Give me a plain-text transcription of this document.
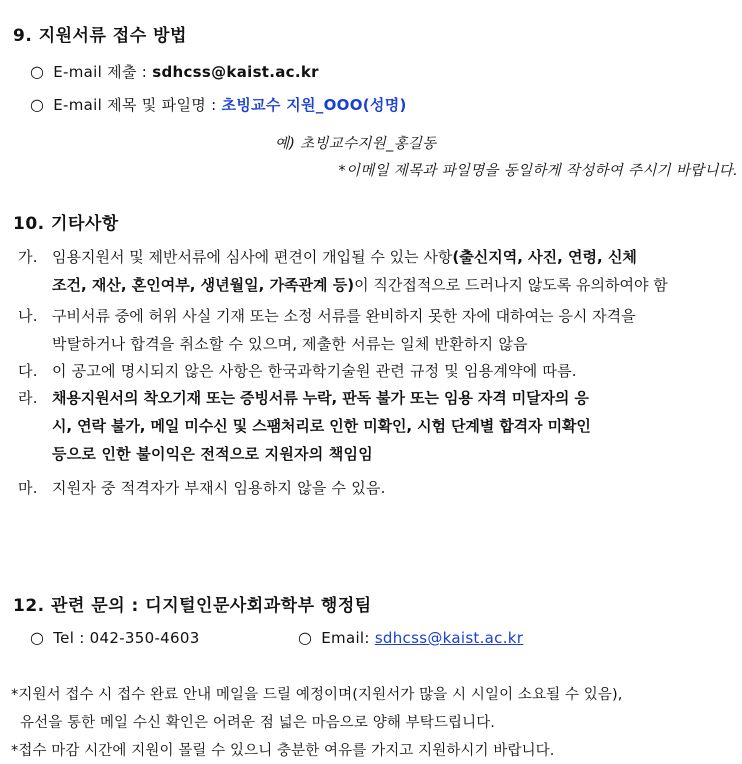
9. 지원서류 접수 방법
○ E-mail 제출 : sdhcss@kaist.ac.kr
○ E-mail 제목 및 파일명 : 초빙교수 지원_OOO(성명)
예) 초빙교수지원_홍길동
*이메일 제목과 파일명을 동일하게 작성하여 주시기 바랍니다.
10. 기타사항
가. 임용지원서 및 제반서류에 심사에 편견이 개입될 수 있는 사항(출신지역, 사진, 연령, 신체
조건, 재산, 혼인여부, 생년월일, 가족관계 등)이 직간접적으로 드러나지 않도록 유의하여야 함
나. 구비서류 중에 허위 사실 기재 또는 소정 서류를 완비하지 못한 자에 대하여는 응시 자격을
박탈하거나 합격을 취소할 수 있으며, 제출한 서류는 일체 반환하지 않음
다. 이 공고에 명시되지 않은 사항은 한국과학기술원 관련 규정 및 임용계약에 따름.
라. 채용지원서의 착오기재 또는 증빙서류 누락, 판독 불가 또는 임용 자격 미달자의 응
시, 연락 불가, 메일 미수신 및 스팸처리로 인한 미확인, 시험 단계별 합격자 미확인
등으로 인한 불이익은 전적으로 지원자의 책임임
마. 지원자 중 적격자가 부재시 임용하지 않을 수 있음.
12. 관련 문의 : 디지털인문사회과학부 행정팀
○ Tel : 042-350-4603	○ Email: sdhcss@kaist.ac.kr
*지원서 접수 시 접수 완료 안내 메일을 드릴 예정이며(지원서가 많을 시 시일이 소요될 수 있음),
유선을 통한 메일 수신 확인은 어려운 점 넓은 마음으로 양해 부탁드립니다.
*접수 마감 시간에 지원이 몰릴 수 있으니 충분한 여유를 가지고 지원하시기 바랍니다.
